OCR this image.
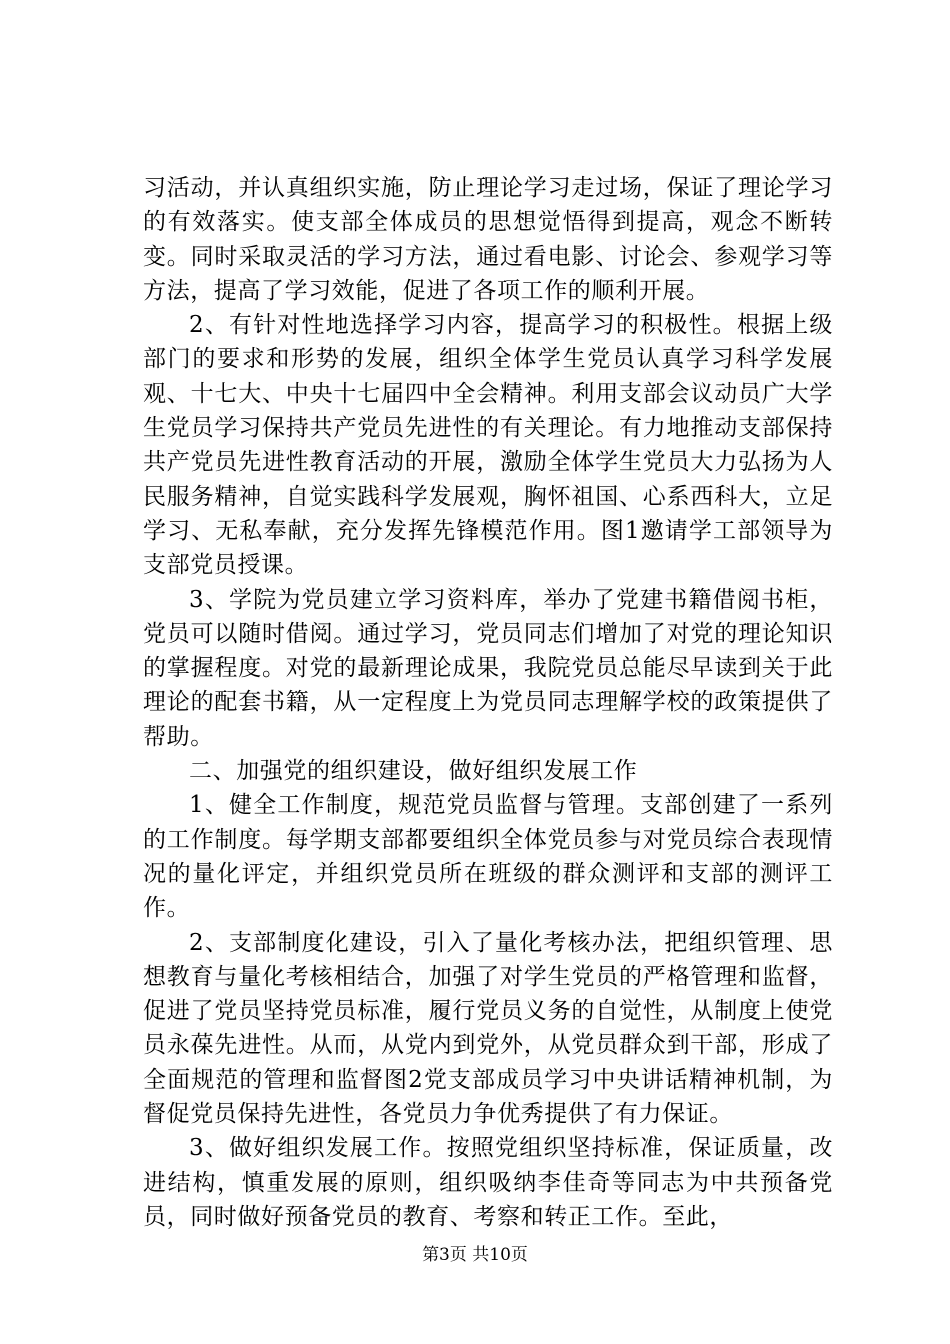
习活动，并认真组织实施，防止理论学习走过场，保证了理论学习的有效落实。使支部全体成员的思想觉悟得到提高，观念不断转变。同时采取灵活的学习方法，通过看电影、讨论会、参观学习等方法，提高了学习效能，促进了各项工作的顺利开展。

2、有针对性地选择学习内容，提高学习的积极性。根据上级部门的要求和形势的发展，组织全体学生党员认真学习科学发展观、十七大、中央十七届四中全会精神。利用支部会议动员广大学生党员学习保持共产党员先进性的有关理论。有力地推动支部保持共产党员先进性教育活动的开展，激励全体学生党员大力弘扬为人民服务精神，自觉实践科学发展观，胸怀祖国、心系西科大，立足学习、无私奉献，充分发挥先锋模范作用。图1邀请学工部领导为支部党员授课。

3、学院为党员建立学习资料库，举办了党建书籍借阅书柜，党员可以随时借阅。通过学习，党员同志们增加了对党的理论知识的掌握程度。对党的最新理论成果，我院党员总能尽早读到关于此理论的配套书籍，从一定程度上为党员同志理解学校的政策提供了帮助。

二、加强党的组织建设，做好组织发展工作

1、健全工作制度，规范党员监督与管理。支部创建了一系列的工作制度。每学期支部都要组织全体党员参与对党员综合表现情况的量化评定，并组织党员所在班级的群众测评和支部的测评工作。

2、支部制度化建设，引入了量化考核办法，把组织管理、思想教育与量化考核相结合，加强了对学生党员的严格管理和监督，促进了党员坚持党员标准，履行党员义务的自觉性，从制度上使党员永葆先进性。从而，从党内到党外，从党员群众到干部，形成了全面规范的管理和监督图2党支部成员学习中央讲话精神机制，为督促党员保持先进性，各党员力争优秀提供了有力保证。

3、做好组织发展工作。按照党组织坚持标准，保证质量，改进结构，慎重发展的原则，组织吸纳李佳奇等同志为中共预备党员，同时做好预备党员的教育、考察和转正工作。至此，

第3页 共10页
